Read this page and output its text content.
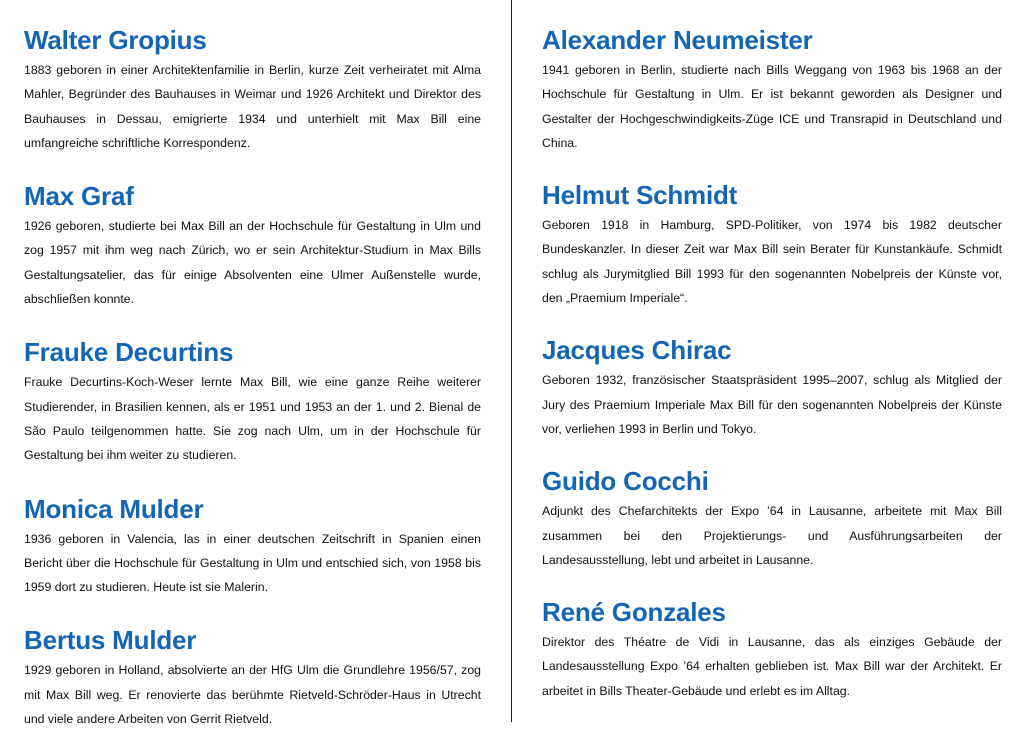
Walter Gropius

1883 geboren in einer Architektenfamilie in Berlin, kurze Zeit verheiratet mit Alma Mahler, Begründer des Bauhauses in Weimar und 1926 Architekt und Direktor des Bauhauses in Dessau, emigrierte 1934 und unterhielt mit Max Bill eine umfangreiche schriftliche Korrespondenz.

Max Graf

1926 geboren, studierte bei Max Bill an der Hochschule für Gestaltung in Ulm und zog 1957 mit ihm weg nach Zürich, wo er sein Architektur-Studium in Max Bills Gestaltungsatelier, das für einige Absolventen eine Ulmer Außenstelle wurde, abschließen konnte.

Frauke Decurtins

Frauke Decurtins-Koch-Weser lernte Max Bill, wie eine ganze Reihe weiterer Studierender, in Brasilien kennen, als er 1951 und 1953 an der 1. und 2. Bienal de São Paulo teilgenommen hatte. Sie zog nach Ulm, um in der Hochschule für Gestaltung bei ihm weiter zu studieren.

Monica Mulder

1936 geboren in Valencia, las in einer deutschen Zeitschrift in Spanien einen Bericht über die Hochschule für Gestaltung in Ulm und entschied sich, von 1958 bis 1959 dort zu studieren. Heute ist sie Malerin.

Bertus Mulder

1929 geboren in Holland, absolvierte an der HfG Ulm die Grundlehre 1956/57, zog mit Max Bill weg. Er renovierte das berühmte Rietveld-Schröder-Haus in Utrecht und viele andere Arbeiten von Gerrit Rietveld.

Alexander Neumeister

1941 geboren in Berlin, studierte nach Bills Weggang von 1963 bis 1968 an der Hochschule für Gestaltung in Ulm. Er ist bekannt geworden als Designer und Gestalter der Hochgeschwindigkeits-Züge ICE und Transrapid in Deutschland und China.

Helmut Schmidt

Geboren 1918 in Hamburg, SPD-Politiker, von 1974 bis 1982 deutscher Bundeskanzler. In dieser Zeit war Max Bill sein Berater für Kunstankäufe. Schmidt schlug als Jurymitglied Bill 1993 für den sogenannten Nobelpreis der Künste vor, den „Praemium Imperiale“.

Jacques Chirac

Geboren 1932, französischer Staatspräsident 1995–2007, schlug als Mitglied der Jury des Praemium Imperiale Max Bill für den sogenannten Nobelpreis der Künste vor, verliehen 1993 in Berlin und Tokyo.

Guido Cocchi

Adjunkt des Chefarchitekts der Expo ’64 in Lausanne, arbeitete mit Max Bill zusammen bei den Projektierungs- und Ausführungsarbeiten der Landesausstellung, lebt und arbeitet in Lausanne.

René Gonzales

Direktor des Théatre de Vidi in Lausanne, das als einziges Gebäude der Landesausstellung Expo ’64 erhalten geblieben ist. Max Bill war der Architekt. Er arbeitet in Bills Theater-Gebäude und erlebt es im Alltag.
